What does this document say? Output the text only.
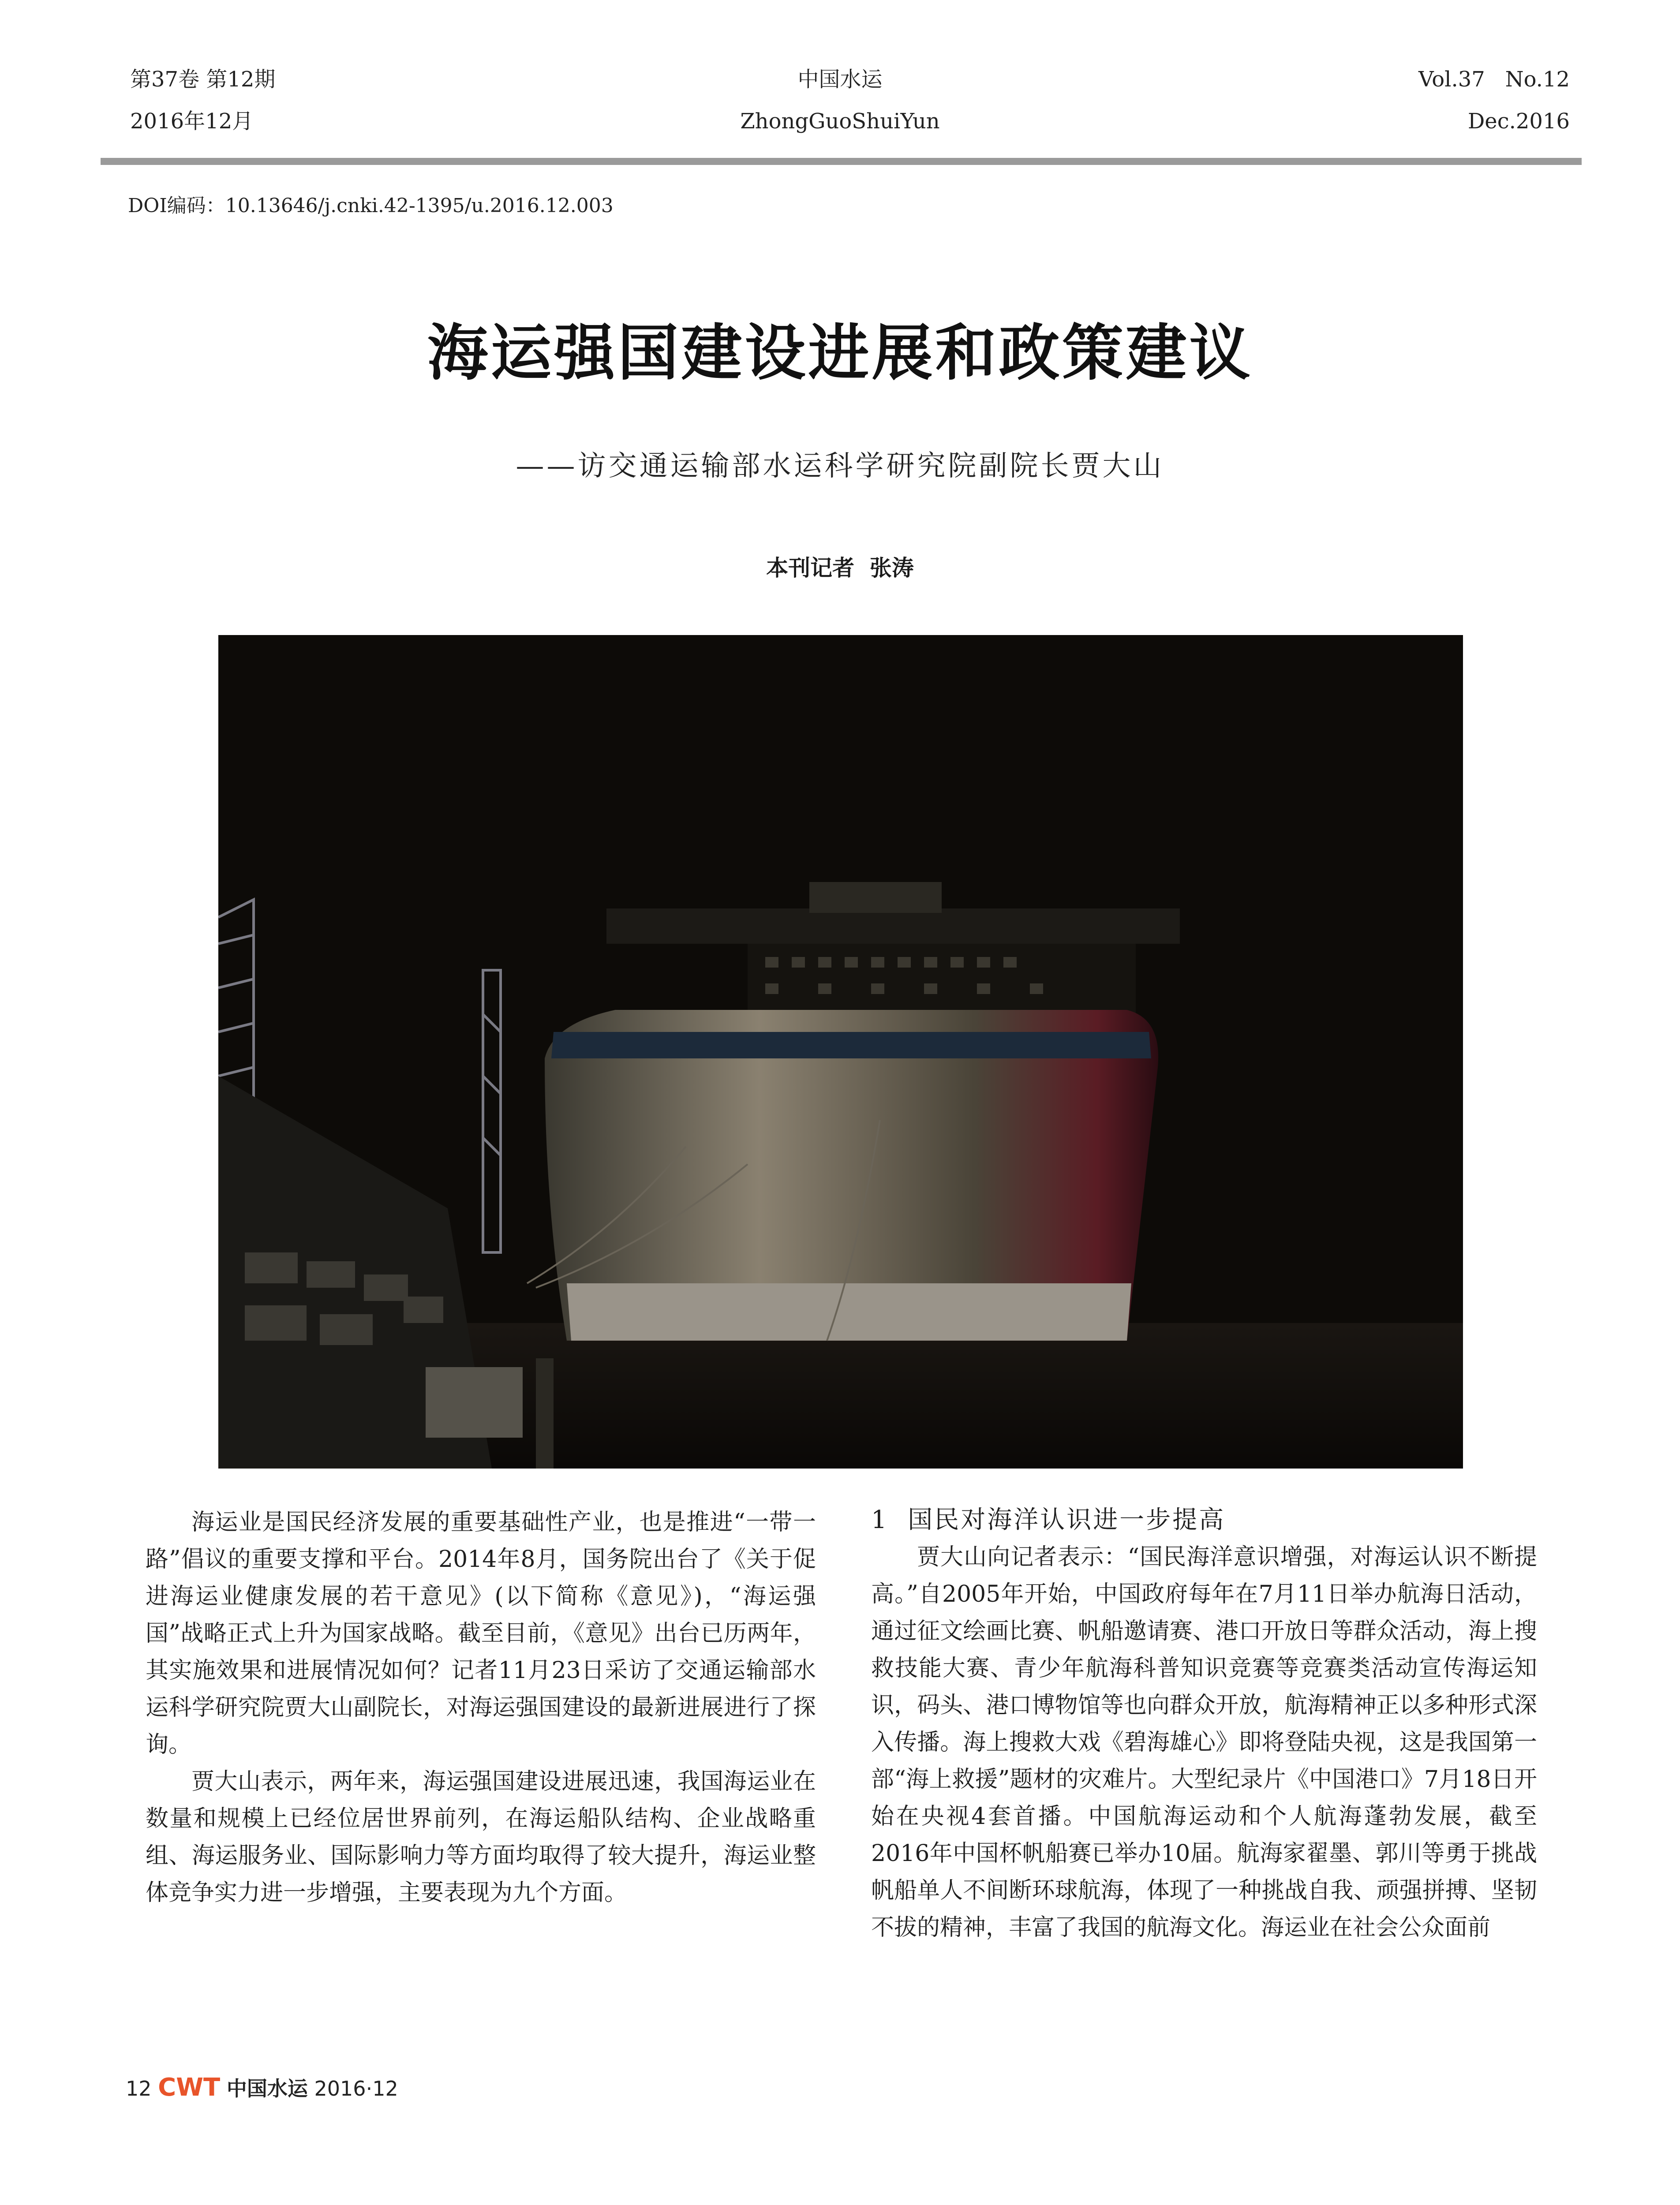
第37卷 第12期
2016年12月
中国水运
ZhongGuoShuiYun
Vol.37   No.12
Dec.2016
DOI编码：10.13646/j.cnki.42-1395/u.2016.12.003
海运强国建设进展和政策建议
——访交通运输部水运科学研究院副院长贾大山
本刊记者  张涛

海运业是国民经济发展的重要基础性产业，也是推进“一带一路”倡议的重要支撑和平台。2014年8月，国务院出台了《关于促进海运业健康发展的若干意见》(以下简称《意见》)，“海运强国”战略正式上升为国家战略。截至目前，《意见》出台已历两年，其实施效果和进展情况如何？记者11月23日采访了交通运输部水运科学研究院贾大山副院长，对海运强国建设的最新进展进行了探询。

贾大山表示，两年来，海运强国建设进展迅速，我国海运业在数量和规模上已经位居世界前列，在海运船队结构、企业战略重组、海运服务业、国际影响力等方面均取得了较大提升，海运业整体竞争实力进一步增强，主要表现为九个方面。

1  国民对海洋认识进一步提高

贾大山向记者表示：“国民海洋意识增强，对海运认识不断提高。”自2005年开始，中国政府每年在7月11日举办航海日活动，通过征文绘画比赛、帆船邀请赛、港口开放日等群众活动，海上搜救技能大赛、青少年航海科普知识竞赛等竞赛类活动宣传海运知识，码头、港口博物馆等也向群众开放，航海精神正以多种形式深入传播。海上搜救大戏《碧海雄心》即将登陆央视，这是我国第一部“海上救援”题材的灾难片。大型纪录片《中国港口》7月18日开始在央视4套首播。中国航海运动和个人航海蓬勃发展，截至2016年中国杯帆船赛已举办10届。航海家翟墨、郭川等勇于挑战帆船单人不间断环球航海，体现了一种挑战自我、顽强拼搏、坚韧不拔的精神，丰富了我国的航海文化。海运业在社会公众面前

12 CWT 中国水运 2016·12
